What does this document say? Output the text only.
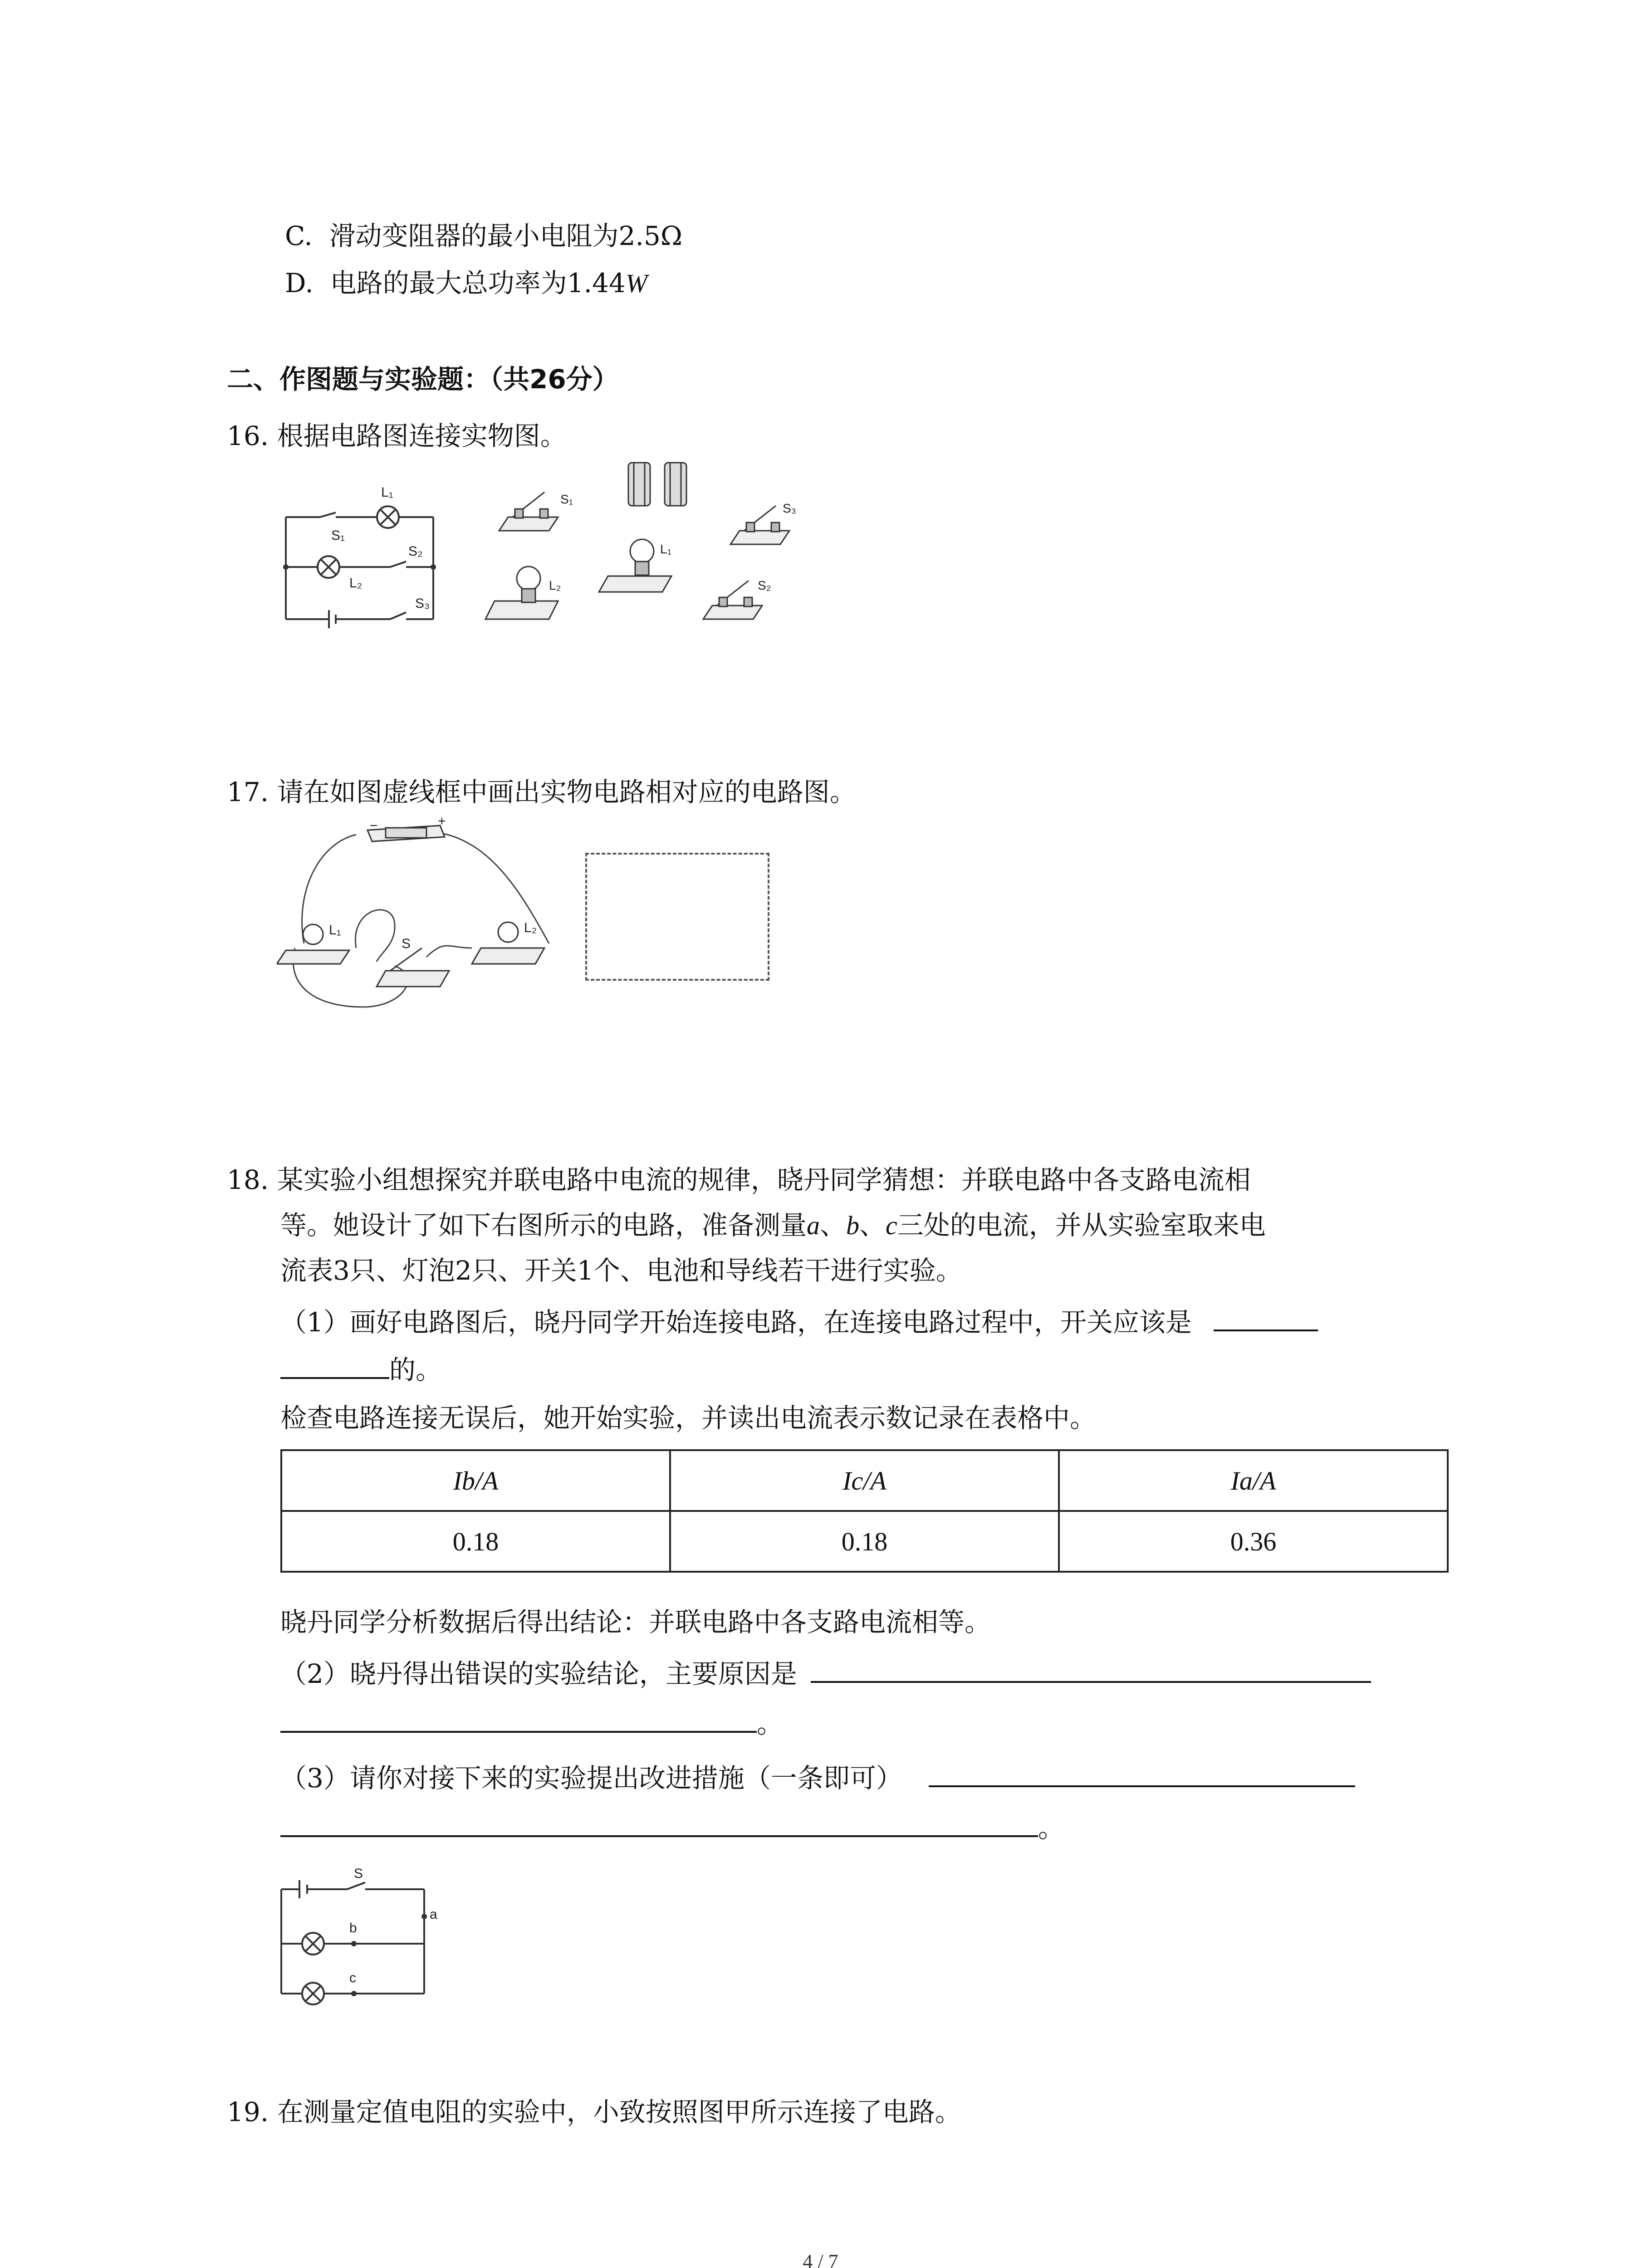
C. 滑动变阻器的最小电阻为2.5Ω
D. 电路的最大总功率为1.44W
二、作图题与实验题：（共26分）
16. 根据电路图连接实物图。
L₁
S₁
S₂
L₂
S₃
S₁
S₃
L₁
L₂	S₂
17. 请在如图虚线框中画出实物电路相对应的电路图。
L₁	L₂
S
−	+
18. 某实验小组想探究并联电路中电流的规律，晓丹同学猜想：并联电路中各支路电流相
等。她设计了如下右图所示的电路，准备测量a、b、c三处的电流，并从实验室取来电
流表3只、灯泡2只、开关1个、电池和导线若干进行实验。
（1）画好电路图后，晓丹同学开始连接电路，在连接电路过程中，开关应该是
的。
检查电路连接无误后，她开始实验，并读出电流表示数记录在表格中。
Ib/A	Ic/A	Ia/A
0.18	0.18	0.36
晓丹同学分析数据后得出结论：并联电路中各支路电流相等。
（2）晓丹得出错误的实验结论，主要原因是
。
（3）请你对接下来的实验提出改进措施（一条即可）
。
S
b
c
a
19. 在测量定值电阻的实验中，小致按照图甲所示连接了电路。
4 / 7
